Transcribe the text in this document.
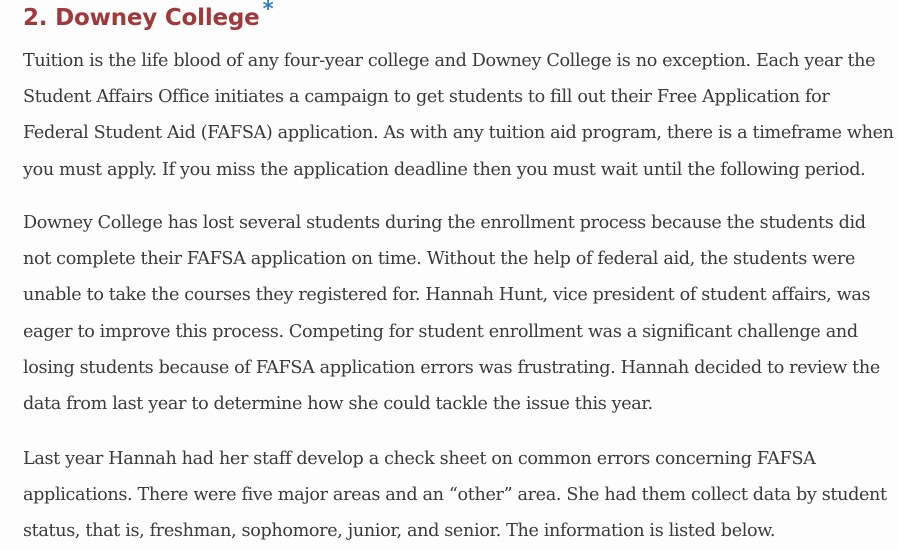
2. Downey College *

Tuition is the life blood of any four-year college and Downey College is no exception. Each year the Student Affairs Office initiates a campaign to get students to fill out their Free Application for Federal Student Aid (FAFSA) application. As with any tuition aid program, there is a timeframe when you must apply. If you miss the application deadline then you must wait until the following period.

Downey College has lost several students during the enrollment process because the students did not complete their FAFSA application on time. Without the help of federal aid, the students were unable to take the courses they registered for. Hannah Hunt, vice president of student affairs, was eager to improve this process. Competing for student enrollment was a significant challenge and losing students because of FAFSA application errors was frustrating. Hannah decided to review the data from last year to determine how she could tackle the issue this year.

Last year Hannah had her staff develop a check sheet on common errors concerning FAFSA applications. There were five major areas and an “other” area. She had them collect data by student status, that is, freshman, sophomore, junior, and senior. The information is listed below.
